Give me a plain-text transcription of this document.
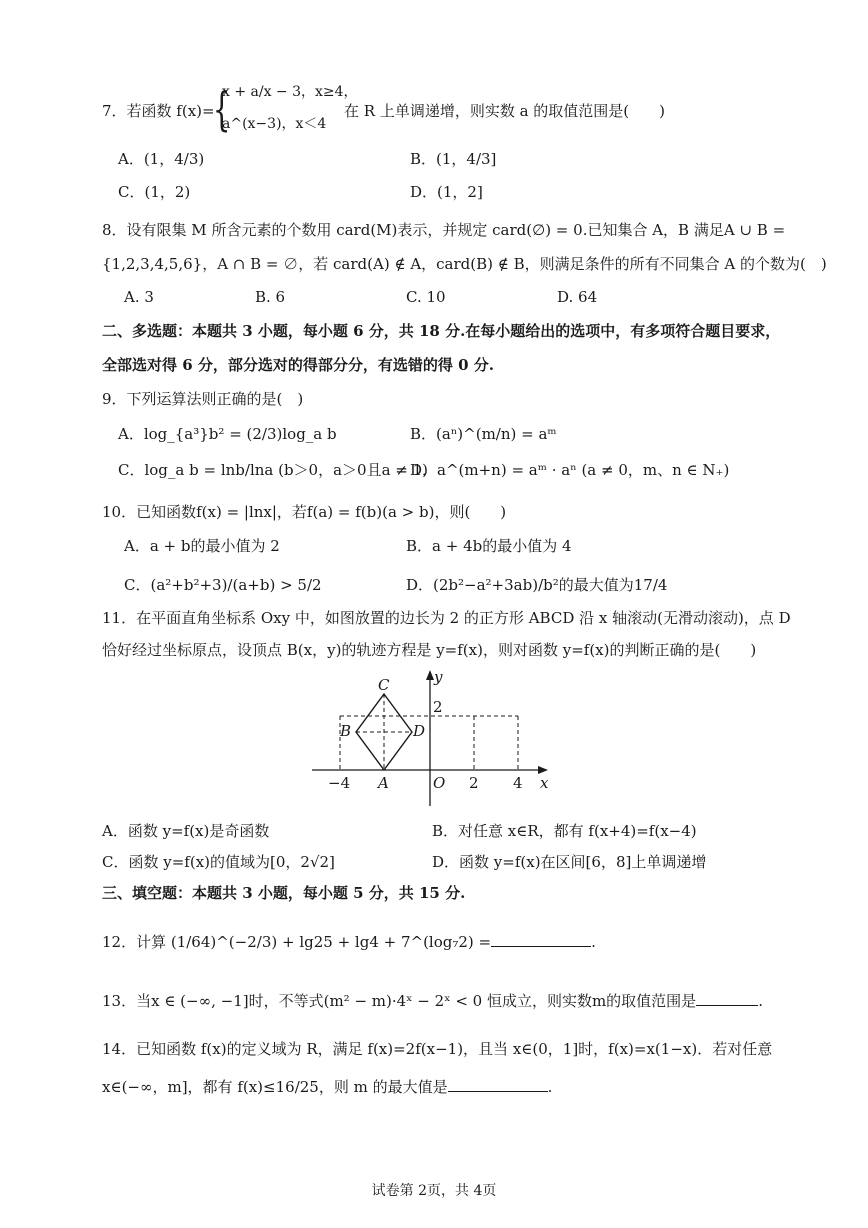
7．若函数 f(x)=
{
x + a/x − 3，x≥4，
a^(x−3)，x＜4
在 R 上单调递增，则实数 a 的取值范围是(　　)
A．(1，4/3)	B．(1，4/3]
C．(1，2)	D．(1，2]
8．设有限集 M 所含元素的个数用 card(M)表示，并规定 card(∅) = 0.已知集合 A，B 满足A ∪ B =
{1,2,3,4,5,6}，A ∩ B = ∅，若 card(A) ∉ A，card(B) ∉ B，则满足条件的所有不同集合 A 的个数为(　)
A. 3	B. 6	C. 10	D. 64
二、多选题：本题共 3 小题，每小题 6 分，共 18 分.在每小题给出的选项中，有多项符合题目要求，
全部选对得 6 分，部分选对的得部分分，有选错的得 0 分.
9．下列运算法则正确的是(　)
A．log_{a³}b² = (2/3)log_a b	B．(aⁿ)^(m/n) = aᵐ
C．log_a b = lnb/lna (b＞0，a＞0且a ≠ 1)
D．a^(m+n) = aᵐ · aⁿ (a ≠ 0，m、n ∈ N₊)
10．已知函数f(x) = |lnx|，若f(a) = f(b)(a > b)，则(　　)
A．a + b的最小值为 2	B．a + 4b的最小值为 4
C．(a²+b²+3)/(a+b) > 5/2	D．(2b²−a²+3ab)/b²的最大值为17/4
11．在平面直角坐标系 Oxy 中，如图放置的边长为 2 的正方形 ABCD 沿 x 轴滚动(无滑动滚动)，点 D
恰好经过坐标原点，设顶点 B(x，y)的轨迹方程是 y=f(x)，则对函数 y=f(x)的判断正确的是(　　)
C
B	D
A	O	x
y
−4	2 4
2
A．函数 y=f(x)是奇函数	B．对任意 x∈R，都有 f(x+4)=f(x−4)
C．函数 y=f(x)的值域为[0，2√2]	D．函数 y=f(x)在区间[6，8]上单调递增
三、填空题：本题共 3 小题，每小题 5 分，共 15 分.
12．计算 (1/64)^(−2/3) + lg25 + lg4 + 7^(log₇2) =	.
13．当x ∈ (−∞, −1]时，不等式(m² − m)·4ˣ − 2ˣ < 0 恒成立，则实数m的取值范围是	.
14．已知函数 f(x)的定义域为 R，满足 f(x)=2f(x−1)，且当 x∈(0，1]时，f(x)=x(1−x)．若对任意
x∈(−∞，m]，都有 f(x)≤16/25，则 m 的最大值是	.
试卷第 2页，共 4页
